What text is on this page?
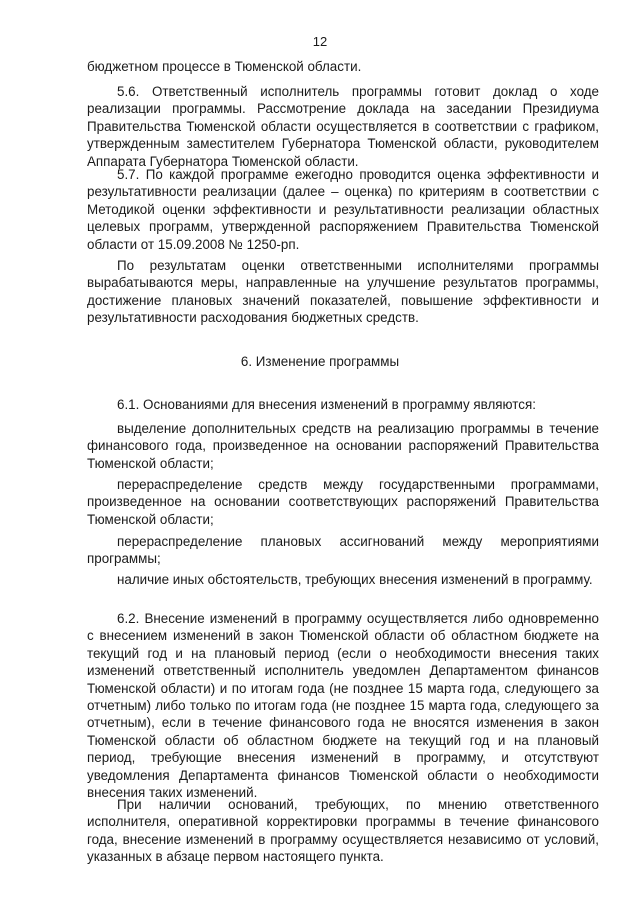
12
бюджетном процессе в Тюменской области.
5.6. Ответственный исполнитель программы готовит доклад о ходе реализации программы. Рассмотрение доклада на заседании Президиума Правительства Тюменской области осуществляется в соответствии с графиком, утвержденным заместителем Губернатора Тюменской области, руководителем Аппарата Губернатора Тюменской области.
5.7. По каждой программе ежегодно проводится оценка эффективности и результативности реализации (далее – оценка) по критериям в соответствии с Методикой оценки эффективности и результативности реализации областных целевых программ, утвержденной распоряжением Правительства Тюменской области от 15.09.2008 № 1250-рп.
По результатам оценки ответственными исполнителями программы вырабатываются меры, направленные на улучшение результатов программы, достижение плановых значений показателей, повышение эффективности и результативности расходования бюджетных средств.
6. Изменение программы
6.1. Основаниями для внесения изменений в программу являются:
выделение дополнительных средств на реализацию программы в течение финансового года, произведенное на основании распоряжений Правительства Тюменской области;
перераспределение средств между государственными программами, произведенное на основании соответствующих распоряжений Правительства Тюменской области;
перераспределение плановых ассигнований между мероприятиями программы;
наличие иных обстоятельств, требующих внесения изменений в программу.
6.2. Внесение изменений в программу осуществляется либо одновременно с внесением изменений в закон Тюменской области об областном бюджете на текущий год и на плановый период (если о необходимости внесения таких изменений ответственный исполнитель уведомлен Департаментом финансов Тюменской области) и по итогам года (не позднее 15 марта года, следующего за отчетным) либо только по итогам года (не позднее 15 марта года, следующего за отчетным), если в течение финансового года не вносятся изменения в закон Тюменской области об областном бюджете на текущий год и на плановый период, требующие внесения изменений в программу, и отсутствуют уведомления Департамента финансов Тюменской области о необходимости внесения таких изменений.
При наличии оснований, требующих, по мнению ответственного исполнителя, оперативной корректировки программы в течение финансового года, внесение изменений в программу осуществляется независимо от условий, указанных в абзаце первом настоящего пункта.
